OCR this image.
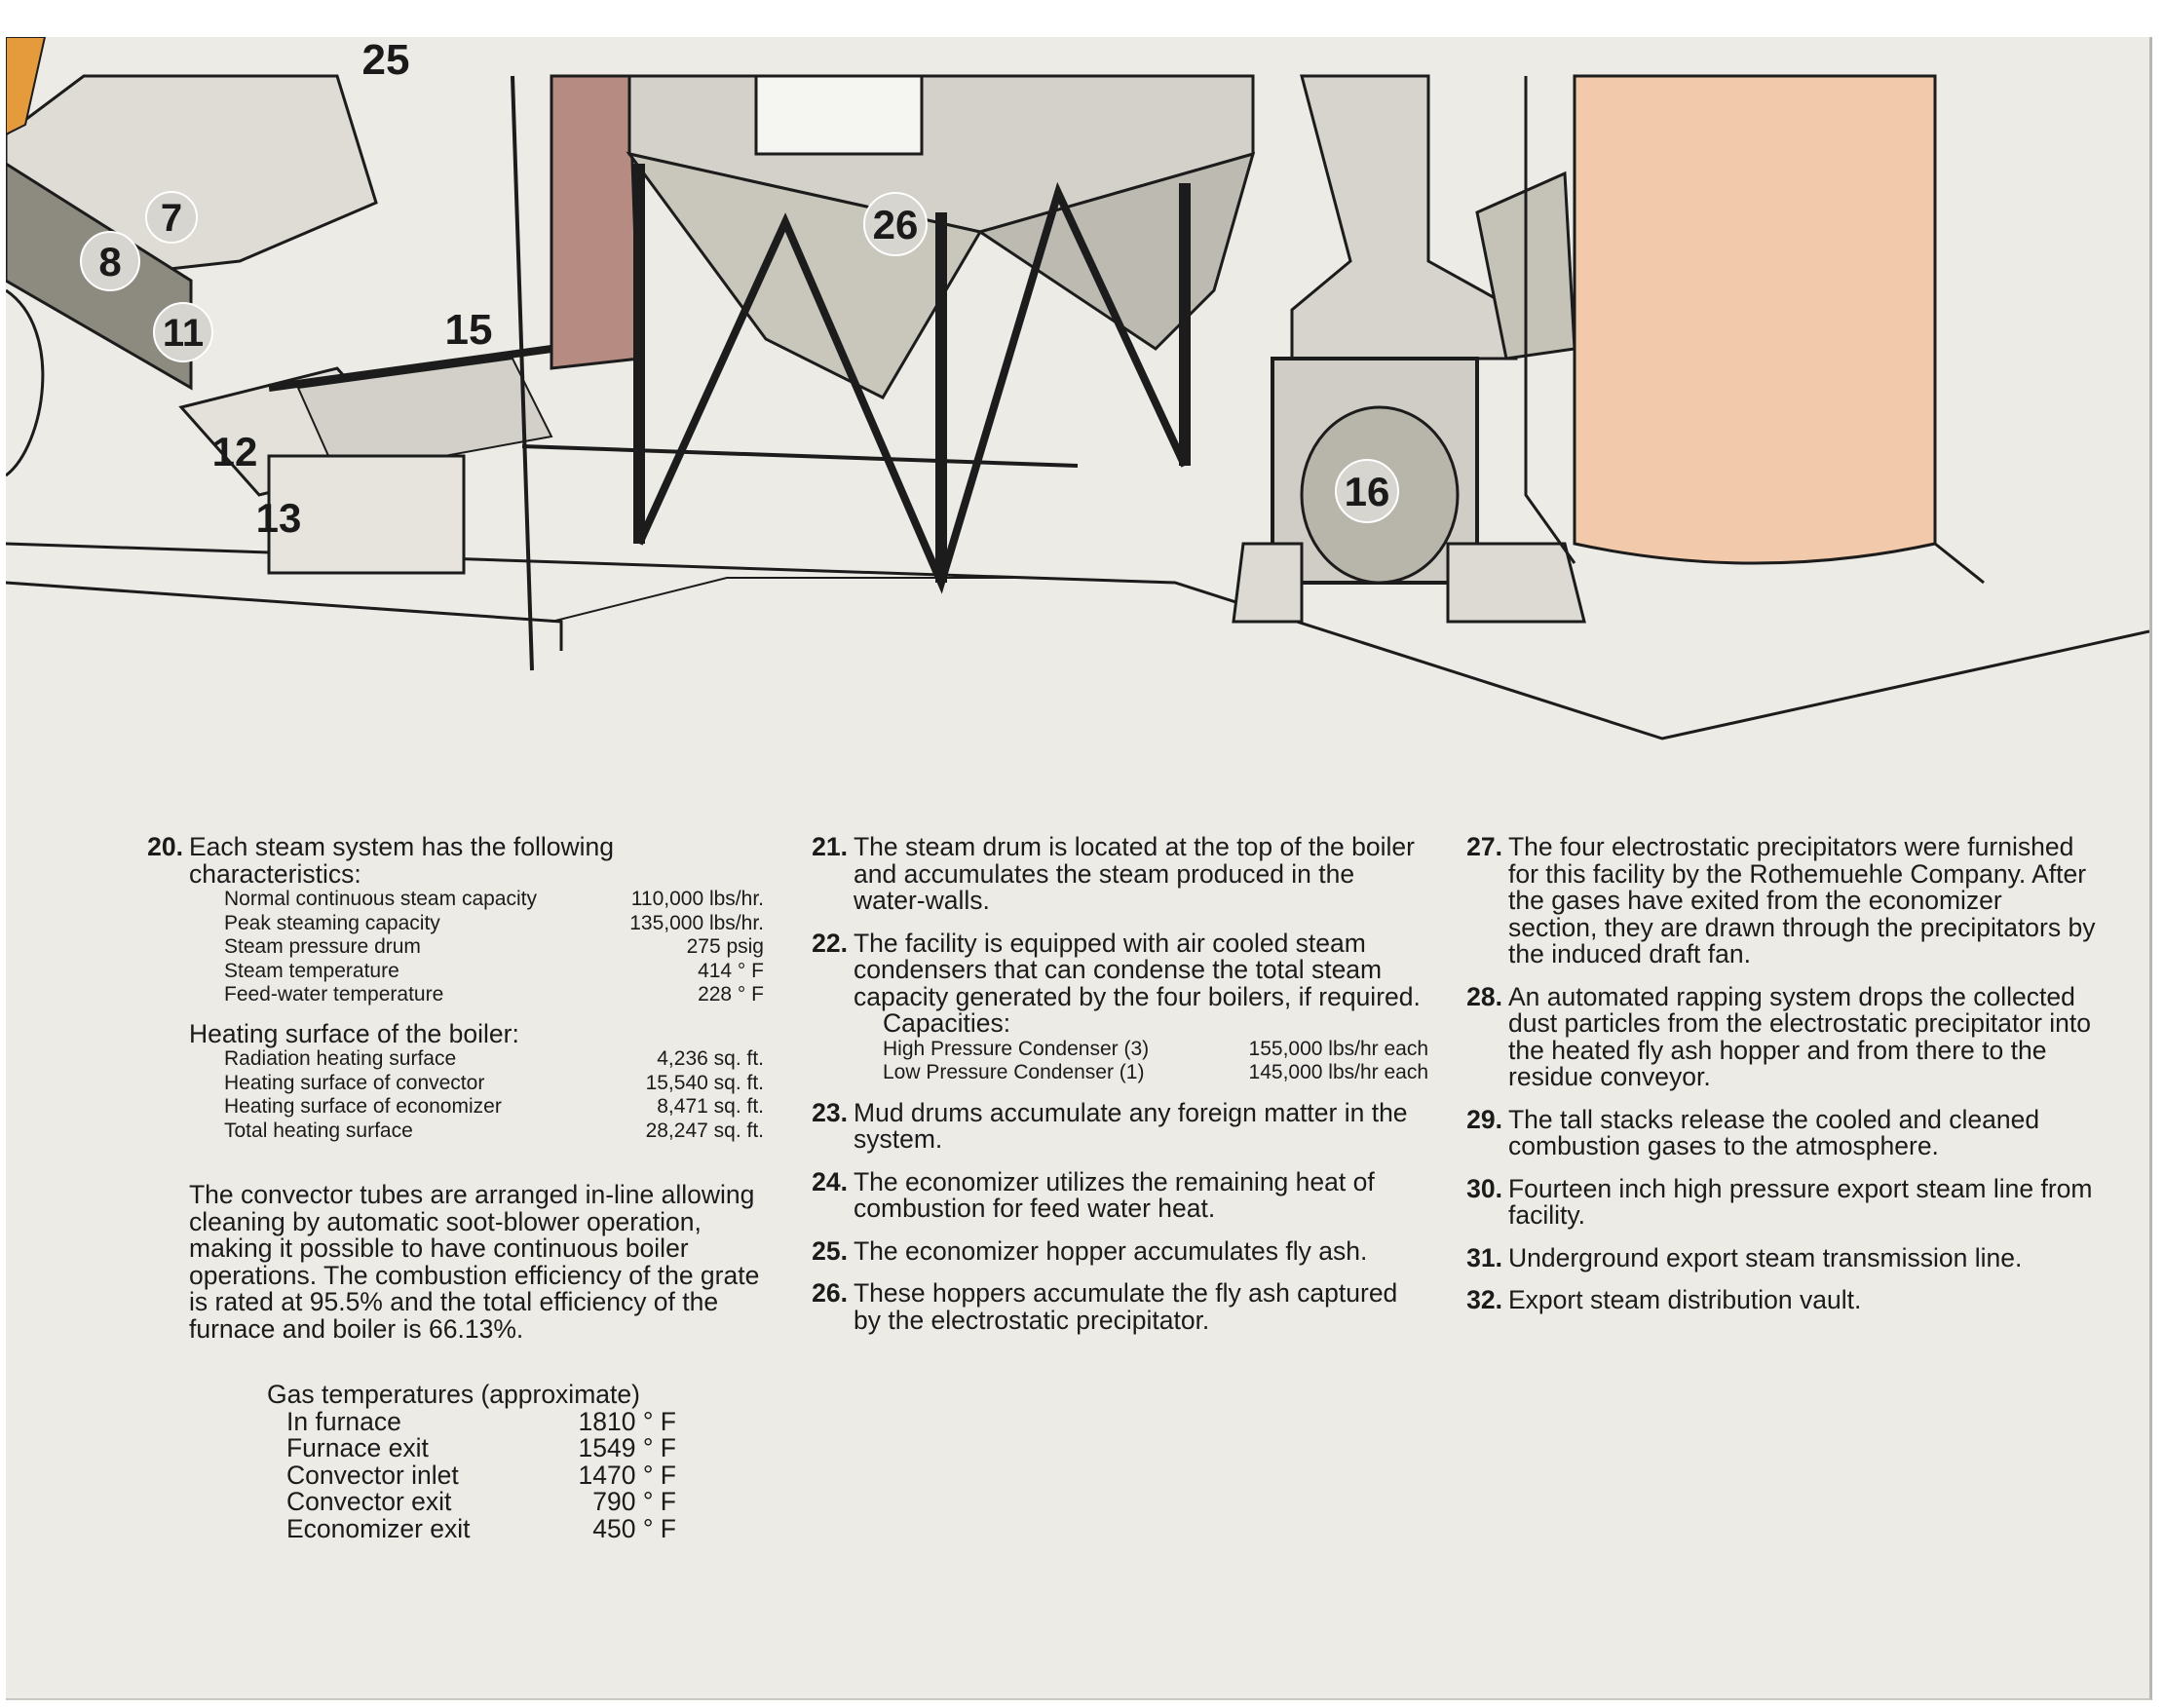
25
7
8
11	15
12
13
26
16
20. Each steam system has the following characteristics:
Normal continuous steam capacity	110,000 lbs/hr.
Peak steaming capacity	135,000 lbs/hr.
Steam pressure drum	275 psig
Steam temperature	414 ° F
Feed-water temperature	228 ° F
Heating surface of the boiler:
Radiation heating surface	4,236 sq. ft.
Heating surface of convector	15,540 sq. ft.
Heating surface of economizer	8,471 sq. ft.
Total heating surface	28,247 sq. ft.
The convector tubes are arranged in-line allowing cleaning by automatic soot-blower operation, making it possible to have continuous boiler operations. The combustion efficiency of the grate is rated at 95.5% and the total efficiency of the furnace and boiler is 66.13%.
Gas temperatures (approximate)
In furnace	1810 ° F
Furnace exit	1549 ° F
Convector inlet	1470 ° F
Convector exit	790 ° F
Economizer exit	450 ° F
21. The steam drum is located at the top of the boiler and accumulates the steam produced in the water-walls.
22. The facility is equipped with air cooled steam condensers that can condense the total steam capacity generated by the four boilers, if required.
Capacities:
High Pressure Condenser (3)	155,000 lbs/hr each
Low Pressure Condenser (1)	145,000 lbs/hr each
23. Mud drums accumulate any foreign matter in the system.
24. The economizer utilizes the remaining heat of combustion for feed water heat.
25. The economizer hopper accumulates fly ash.
26. These hoppers accumulate the fly ash captured by the electrostatic precipitator.
27. The four electrostatic precipitators were furnished for this facility by the Rothemuehle Company. After the gases have exited from the economizer section, they are drawn through the precipitators by the induced draft fan.
28. An automated rapping system drops the collected dust particles from the electrostatic precipitator into the heated fly ash hopper and from there to the residue conveyor.
29. The tall stacks release the cooled and cleaned combustion gases to the atmosphere.
30. Fourteen inch high pressure export steam line from facility.
31. Underground export steam transmission line.
32. Export steam distribution vault.
